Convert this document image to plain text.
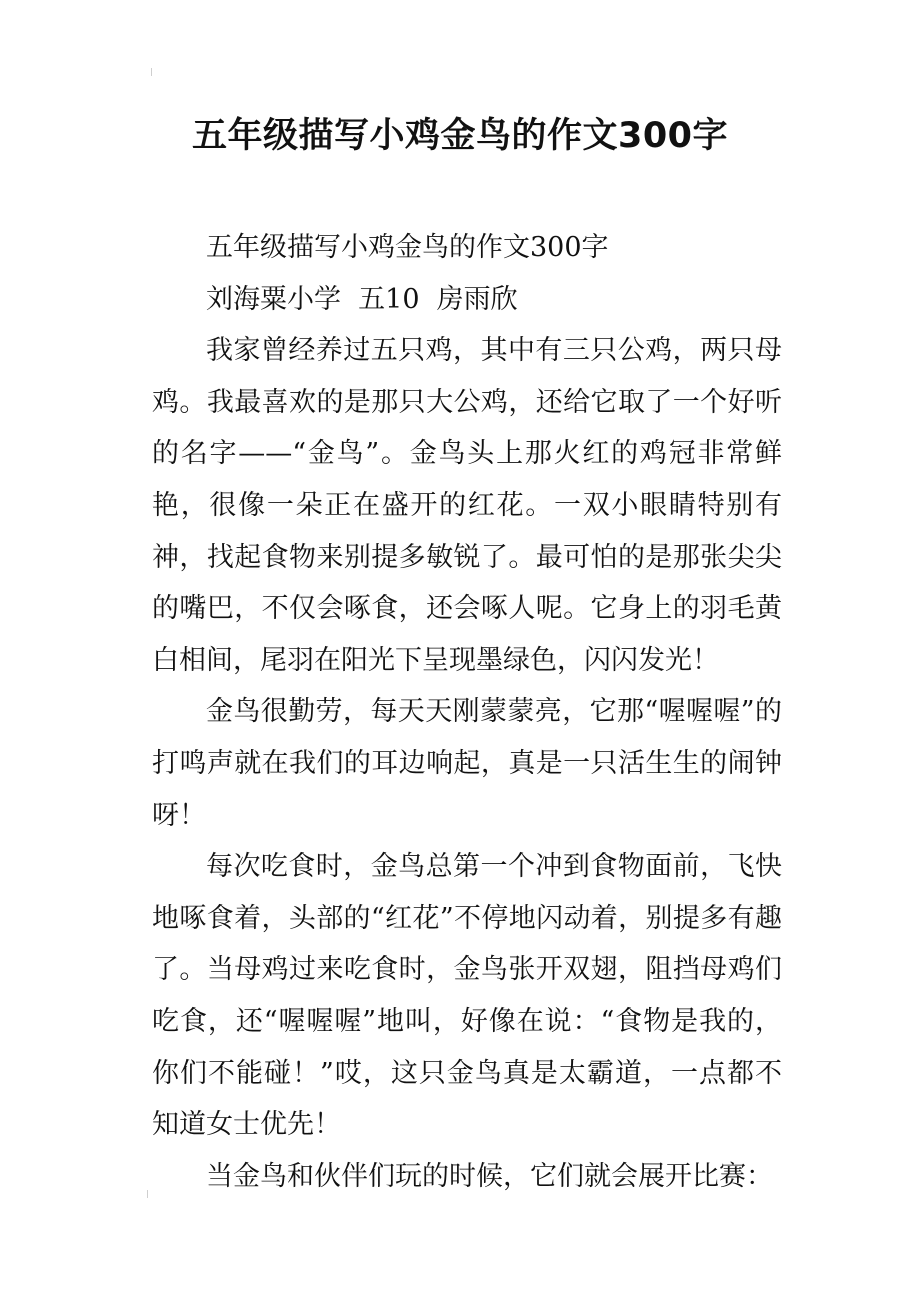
五年级描写小鸡金鸟的作文300字

五年级描写小鸡金鸟的作文300字

刘海粟小学  五10  房雨欣

我家曾经养过五只鸡，其中有三只公鸡，两只母鸡。我最喜欢的是那只大公鸡，还给它取了一个好听的名字——“金鸟”。金鸟头上那火红的鸡冠非常鲜艳，很像一朵正在盛开的红花。一双小眼睛特别有神，找起食物来别提多敏锐了。最可怕的是那张尖尖的嘴巴，不仅会啄食，还会啄人呢。它身上的羽毛黄白相间，尾羽在阳光下呈现墨绿色，闪闪发光！

金鸟很勤劳，每天天刚蒙蒙亮，它那“喔喔喔”的打鸣声就在我们的耳边响起，真是一只活生生的闹钟呀！

每次吃食时，金鸟总第一个冲到食物面前，飞快地啄食着，头部的“红花”不停地闪动着，别提多有趣了。当母鸡过来吃食时，金鸟张开双翅，阻挡母鸡们吃食，还“喔喔喔”地叫，好像在说：“食物是我的，你们不能碰！”哎，这只金鸟真是太霸道，一点都不知道女士优先！

当金鸟和伙伴们玩的时候，它们就会展开比赛：
